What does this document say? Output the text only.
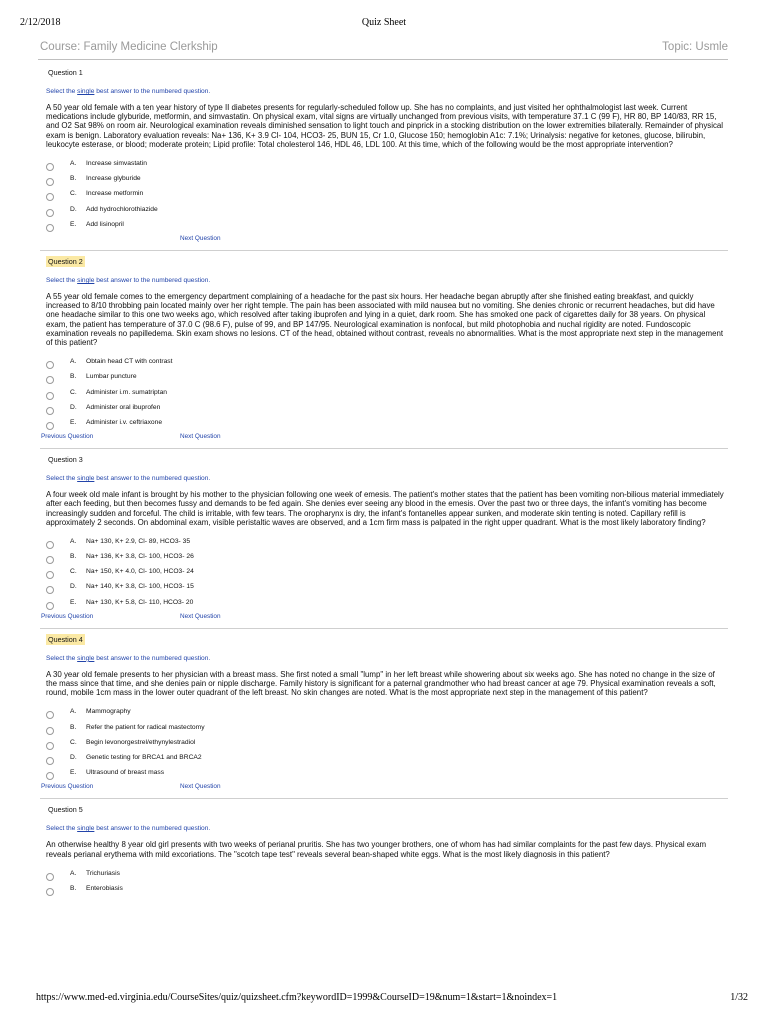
2/12/2018	Quiz Sheet
Course: Family Medicine Clerkship	Topic: Usmle
Question 1
Select the single best answer to the numbered question.
A 50 year old female with a ten year history of type II diabetes presents for regularly-scheduled follow up. She has no complaints, and just visited her ophthalmologist last week. Current medications include glyburide, metformin, and simvastatin. On physical exam, vital signs are virtually unchanged from previous visits, with temperature 37.1 C (99 F), HR 80, BP 140/83, RR 15, and O2 Sat 98% on room air. Neurological examination reveals diminished sensation to light touch and pinprick in a stocking distribution on the lower extremities bilaterally. Remainder of physical exam is benign. Laboratory evaluation reveals: Na+ 136, K+ 3.9 Cl- 104, HCO3- 25, BUN 15, Cr 1.0, Glucose 150; hemoglobin A1c: 7.1%; Urinalysis: negative for ketones, glucose, bilirubin, leukocyte esterase, or blood; moderate protein; Lipid profile: Total cholesterol 146, HDL 46, LDL 100. At this time, which of the following would be the most appropriate intervention?
A. Increase simvastatin
B. Increase glyburide
C. Increase metformin
D. Add hydrochlorothiazide
E. Add lisinopril
Next Question
Question 2
Select the single best answer to the numbered question.
A 55 year old female comes to the emergency department complaining of a headache for the past six hours. Her headache began abruptly after she finished eating breakfast, and quickly increased to 8/10 throbbing pain located mainly over her right temple. The pain has been associated with mild nausea but no vomiting. She denies chronic or recurrent headaches, but did have one headache similar to this one two weeks ago, which resolved after taking ibuprofen and lying in a quiet, dark room. She has smoked one pack of cigarettes daily for 38 years. On physical exam, the patient has temperature of 37.0 C (98.6 F), pulse of 99, and BP 147/95. Neurological examination is nonfocal, but mild photophobia and nuchal rigidity are noted. Fundoscopic examination reveals no papilledema. Skin exam shows no lesions. CT of the head, obtained without contrast, reveals no abnormalities. What is the most appropriate next step in the management of this patient?
A. Obtain head CT with contrast
B. Lumbar puncture
C. Administer i.m. sumatriptan
D. Administer oral ibuprofen
E. Administer i.v. ceftriaxone
Previous Question	Next Question
Question 3
Select the single best answer to the numbered question.
A four week old male infant is brought by his mother to the physician following one week of emesis. The patient's mother states that the patient has been vomiting non-bilious material immediately after each feeding, but then becomes fussy and demands to be fed again. She denies ever seeing any blood in the emesis. Over the past two or three days, the infant's vomiting has become increasingly sudden and forceful. The child is irritable, with few tears. The oropharynx is dry, the infant's fontanelles appear sunken, and moderate skin tenting is noted. Capillary refill is approximately 2 seconds. On abdominal exam, visible peristaltic waves are observed, and a 1cm firm mass is palpated in the right upper quadrant. What is the most likely laboratory finding?
A. Na+ 130, K+ 2.9, Cl- 89, HCO3- 35
B. Na+ 136, K+ 3.8, Cl- 100, HCO3- 26
C. Na+ 150, K+ 4.0, Cl- 100, HCO3- 24
D. Na+ 140, K+ 3.8, Cl- 100, HCO3- 15
E. Na+ 130, K+ 5.8, Cl- 110, HCO3- 20
Previous Question	Next Question
Question 4
Select the single best answer to the numbered question.
A 30 year old female presents to her physician with a breast mass. She first noted a small "lump" in her left breast while showering about six weeks ago. She has noted no change in the size of the mass since that time, and she denies pain or nipple discharge. Family history is significant for a paternal grandmother who had breast cancer at age 79. Physical examination reveals a soft, round, mobile 1cm mass in the lower outer quadrant of the left breast. No skin changes are noted. What is the most appropriate next step in the management of this patient?
A. Mammography
B. Refer the patient for radical mastectomy
C. Begin levonorgestrel/ethynylestradiol
D. Genetic testing for BRCA1 and BRCA2
E. Ultrasound of breast mass
Previous Question	Next Question
Question 5
Select the single best answer to the numbered question.
An otherwise healthy 8 year old girl presents with two weeks of perianal pruritis. She has two younger brothers, one of whom has had similar complaints for the past few days. Physical exam reveals perianal erythema with mild excoriations. The "scotch tape test" reveals several bean-shaped white eggs. What is the most likely diagnosis in this patient?
A. Trichuriasis
B. Enterobiasis
https://www.med-ed.virginia.edu/CourseSites/quiz/quizsheet.cfm?keywordID=1999&CourseID=19&num=1&start=1&noindex=1	1/32
